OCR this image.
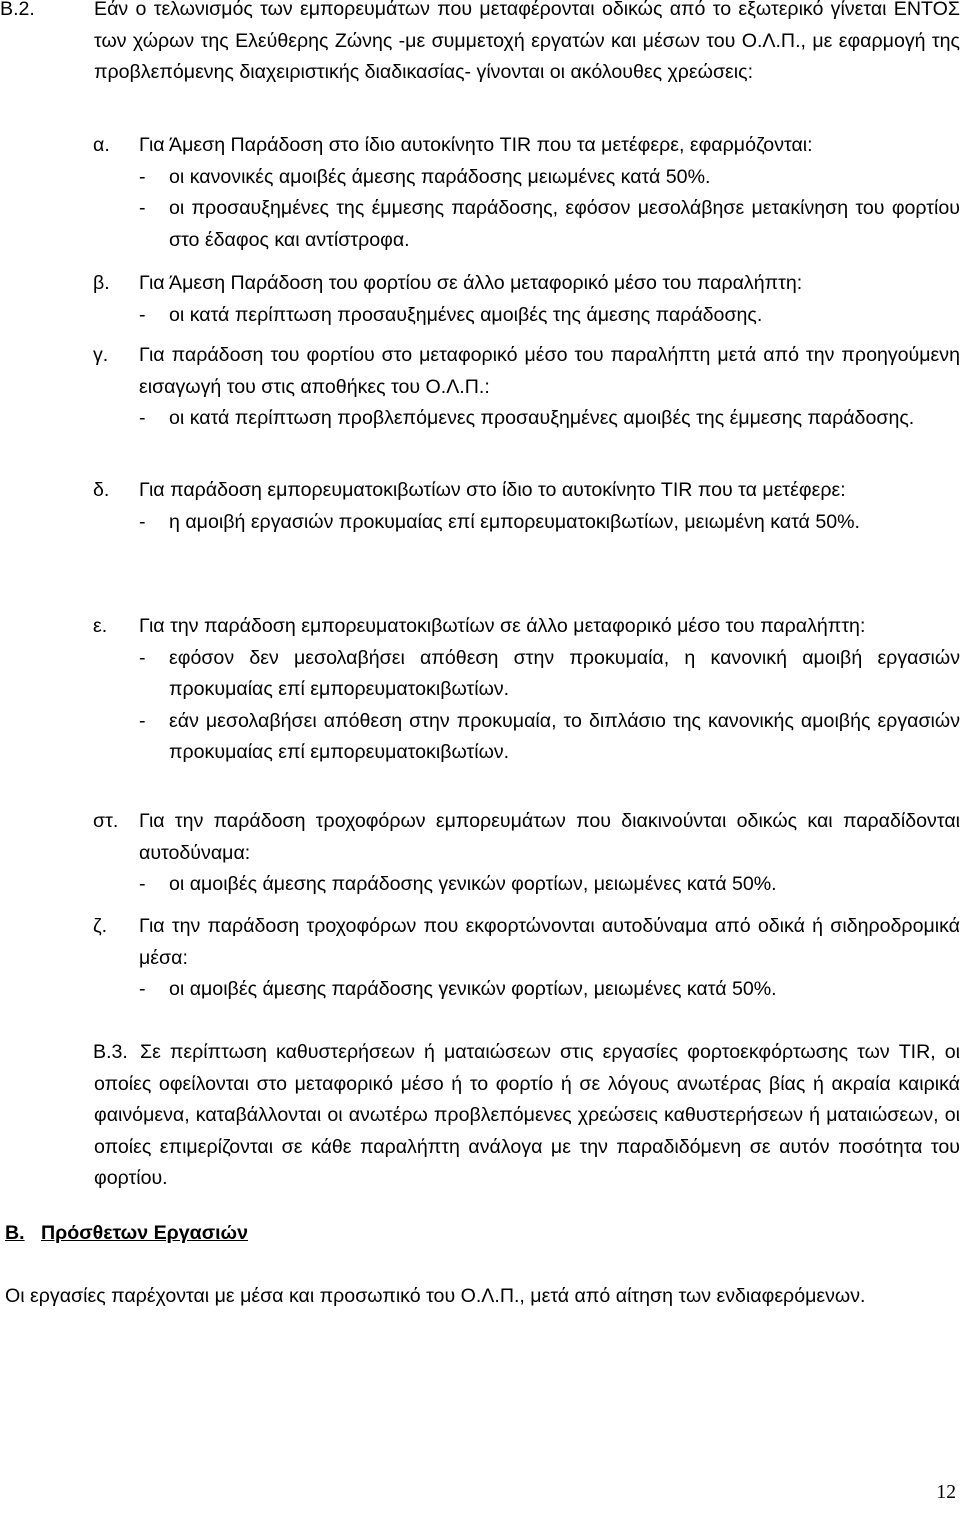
B.2.	Εάν ο τελωνισμός των εμπορευμάτων που μεταφέρονται οδικώς από το εξωτερικό γίνεται ΕΝΤΟΣ των χώρων της Ελεύθερης Ζώνης -με συμμετοχή εργατών και μέσων του Ο.Λ.Π., με εφαρμογή της προβλεπόμενης διαχειριστικής διαδικασίας- γίνονται οι ακόλουθες χρεώσεις:
α. Για Άμεση Παράδοση στο ίδιο αυτοκίνητο TIR που τα μετέφερε, εφαρμόζονται:
- οι κανονικές αμοιβές άμεσης παράδοσης μειωμένες κατά 50%.
- οι προσαυξημένες της έμμεσης παράδοσης, εφόσον μεσολάβησε μετακίνηση του φορτίου στο έδαφος και αντίστροφα.
β. Για Άμεση Παράδοση του φορτίου σε άλλο μεταφορικό μέσο του παραλήπτη:
- οι κατά περίπτωση προσαυξημένες αμοιβές της άμεσης παράδοσης.
γ. Για παράδοση του φορτίου στο μεταφορικό μέσο του παραλήπτη μετά από την προηγούμενη εισαγωγή του στις αποθήκες του Ο.Λ.Π.:
- οι κατά περίπτωση προβλεπόμενες προσαυξημένες αμοιβές της έμμεσης παράδοσης.
δ. Για παράδοση εμπορευματοκιβωτίων στο ίδιο το αυτοκίνητο TIR που τα μετέφερε:
- η αμοιβή εργασιών προκυμαίας επί εμπορευματοκιβωτίων, μειωμένη κατά 50%.
ε. Για την παράδοση εμπορευματοκιβωτίων σε άλλο μεταφορικό μέσο του παραλήπτη:
- εφόσον δεν μεσολαβήσει απόθεση στην προκυμαία, η κανονική αμοιβή εργασιών προκυμαίας επί εμπορευματοκιβωτίων.
- εάν μεσολαβήσει απόθεση στην προκυμαία, το διπλάσιο της κανονικής αμοιβής εργασιών προκυμαίας επί εμπορευματοκιβωτίων.
στ. Για την παράδοση τροχοφόρων εμπορευμάτων που διακινούνται οδικώς και παραδίδονται αυτοδύναμα:
- οι αμοιβές άμεσης παράδοσης γενικών φορτίων, μειωμένες κατά 50%.
ζ. Για την παράδοση τροχοφόρων που εκφορτώνονται αυτοδύναμα από οδικά ή σιδηροδρομικά μέσα:
- οι αμοιβές άμεσης παράδοσης γενικών φορτίων, μειωμένες κατά 50%.
B.3. Σε περίπτωση καθυστερήσεων ή ματαιώσεων στις εργασίες φορτοεκφόρτωσης των TIR, οι οποίες οφείλονται στο μεταφορικό μέσο ή το φορτίο ή σε λόγους ανωτέρας βίας ή ακραία καιρικά φαινόμενα, καταβάλλονται οι ανωτέρω προβλεπόμενες χρεώσεις καθυστερήσεων ή ματαιώσεων, οι οποίες επιμερίζονται σε κάθε παραλήπτη ανάλογα με την παραδιδόμενη σε αυτόν ποσότητα του φορτίου.
Β. Πρόσθετων Εργασιών
Οι εργασίες παρέχονται με μέσα και προσωπικό του Ο.Λ.Π., μετά από αίτηση των ενδιαφερόμενων.
12
